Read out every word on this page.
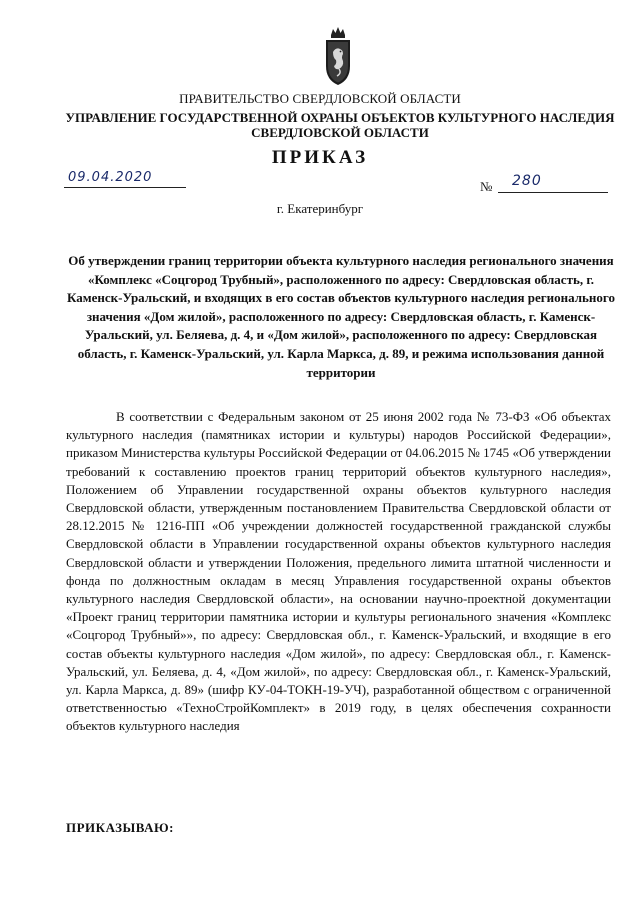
ПРАВИТЕЛЬСТВО СВЕРДЛОВСКОЙ ОБЛАСТИ
УПРАВЛЕНИЕ ГОСУДАРСТВЕННОЙ ОХРАНЫ ОБЪЕКТОВ КУЛЬТУРНОГО НАСЛЕДИЯ СВЕРДЛОВСКОЙ ОБЛАСТИ
ПРИКАЗ
09.04.2020
№ 280
г. Екатеринбург
Об утверждении границ территории объекта культурного наследия регионального значения «Комплекс «Соцгород Трубный», расположенного по адресу: Свердловская область, г. Каменск-Уральский, и входящих в его состав объектов культурного наследия регионального значения «Дом жилой», расположенного по адресу: Свердловская область, г. Каменск-Уральский, ул. Беляева, д. 4, и «Дом жилой», расположенного по адресу: Свердловская область, г. Каменск-Уральский, ул. Карла Маркса, д. 89, и режима использования данной территории

В соответствии с Федеральным законом от 25 июня 2002 года № 73-ФЗ «Об объектах культурного наследия (памятниках истории и культуры) народов Российской Федерации», приказом Министерства культуры Российской Федерации от 04.06.2015 № 1745 «Об утверждении требований к составлению проектов границ территорий объектов культурного наследия», Положением об Управлении государственной охраны объектов культурного наследия Свердловской области, утвержденным постановлением Правительства Свердловской области от 28.12.2015 № 1216-ПП «Об учреждении должностей государственной гражданской службы Свердловской области в Управлении государственной охраны объектов культурного наследия Свердловской области и утверждении Положения, предельного лимита штатной численности и фонда по должностным окладам в месяц Управления государственной охраны объектов культурного наследия Свердловской области», на основании научно-проектной документации «Проект границ территории памятника истории и культуры регионального значения «Комплекс «Соцгород Трубный»», по адресу: Свердловская обл., г. Каменск-Уральский, и входящие в его состав объекты культурного наследия «Дом жилой», по адресу: Свердловская обл., г. Каменск-Уральский, ул. Беляева, д. 4, «Дом жилой», по адресу: Свердловская обл., г. Каменск-Уральский, ул. Карла Маркса, д. 89» (шифр КУ-04-ТОКН-19-УЧ), разработанной обществом с ограниченной ответственностью «ТехноСтройКомплект» в 2019 году, в целях обеспечения сохранности объектов культурного наследия

ПРИКАЗЫВАЮ:
